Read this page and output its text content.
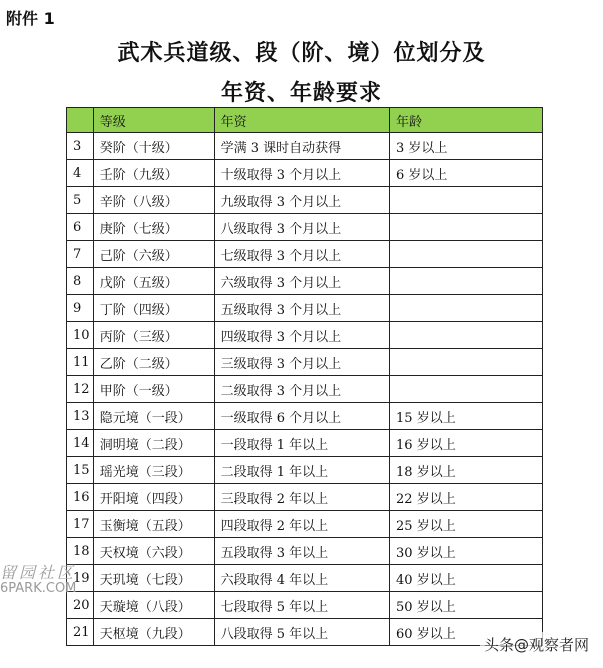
附件 1
武术兵道级、段（阶、境）位划分及
年资、年龄要求
	等级	年资	年龄
3	癸阶（十级）	学满 3 课时自动获得	3 岁以上
4	壬阶（九级）	十级取得 3 个月以上	6 岁以上
5	辛阶（八级）	九级取得 3 个月以上	
6	庚阶（七级）	八级取得 3 个月以上	
7	己阶（六级）	七级取得 3 个月以上	
8	戊阶（五级）	六级取得 3 个月以上	
9	丁阶（四级）	五级取得 3 个月以上	
10	丙阶（三级）	四级取得 3 个月以上	
11	乙阶（二级）	三级取得 3 个月以上	
12	甲阶（一级）	二级取得 3 个月以上	
13	隐元境（一段）	一级取得 6 个月以上	15 岁以上
14	洞明境（二段）	一段取得 1 年以上	16 岁以上
15	瑶光境（三段）	二段取得 1 年以上	18 岁以上
16	开阳境（四段）	三段取得 2 年以上	22 岁以上
17	玉衡境（五段）	四段取得 2 年以上	25 岁以上
18	天权境（六段）	五段取得 3 年以上	30 岁以上
19	天玑境（七段）	六段取得 4 年以上	40 岁以上
20	天璇境（八段）	七段取得 5 年以上	50 岁以上
21	天枢境（九段）	八段取得 5 年以上	60 岁以上
留园社区
6PARK.COM
头条@观察者网
